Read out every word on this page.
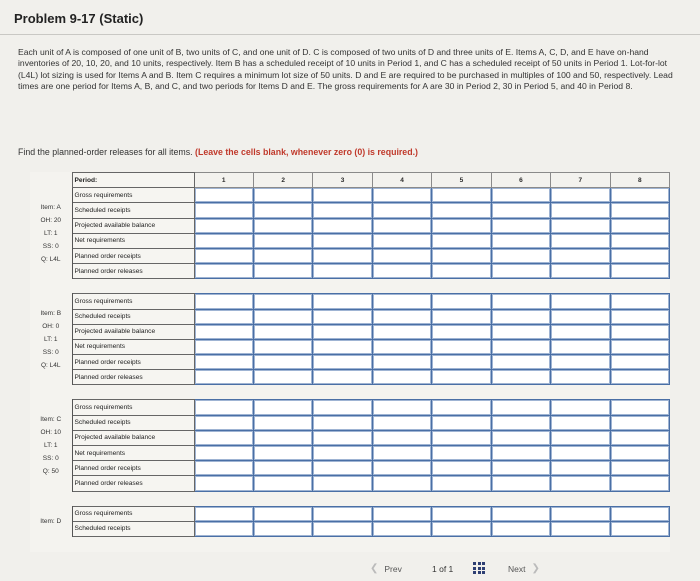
Problem 9-17 (Static)
Each unit of A is composed of one unit of B, two units of C, and one unit of D. C is composed of two units of D and three units of E. Items A, C, D, and E have on-hand inventories of 20, 10, 20, and 10 units, respectively. Item B has a scheduled receipt of 10 units in Period 1, and C has a scheduled receipt of 50 units in Period 1. Lot-for-lot (L4L) lot sizing is used for Items A and B. Item C requires a minimum lot size of 50 units. D and E are required to be purchased in multiples of 100 and 50, respectively. Lead times are one period for Items A, B, and C, and two periods for Items D and E. The gross requirements for A are 30 in Period 2, 30 in Period 5, and 40 in Period 8.
Find the planned-order releases for all items. (Leave the cells blank, whenever zero (0) is required.)
	Period:	1	2	3	4	5	6	7	8

Item: A
OH: 20
LT: 1
SS: 0
Q: L4L	Gross requirements								
	Scheduled receipts								
	Projected available balance								
	Net requirements								
	Planned order receipts								
	Planned order releases								

Item: B
OH: 0
LT: 1
SS: 0
Q: L4L	Gross requirements								
	Scheduled receipts								
	Projected available balance								
	Net requirements								
	Planned order receipts								
	Planned order releases								

Item: C
OH: 10
LT: 1
SS: 0
Q: 50	Gross requirements								
	Scheduled receipts								
	Projected available balance								
	Net requirements								
	Planned order receipts								
	Planned order releases								

Item: D	Gross requirements								
	Scheduled receipts								
❮ Prev	1 of 1	Next ❯
